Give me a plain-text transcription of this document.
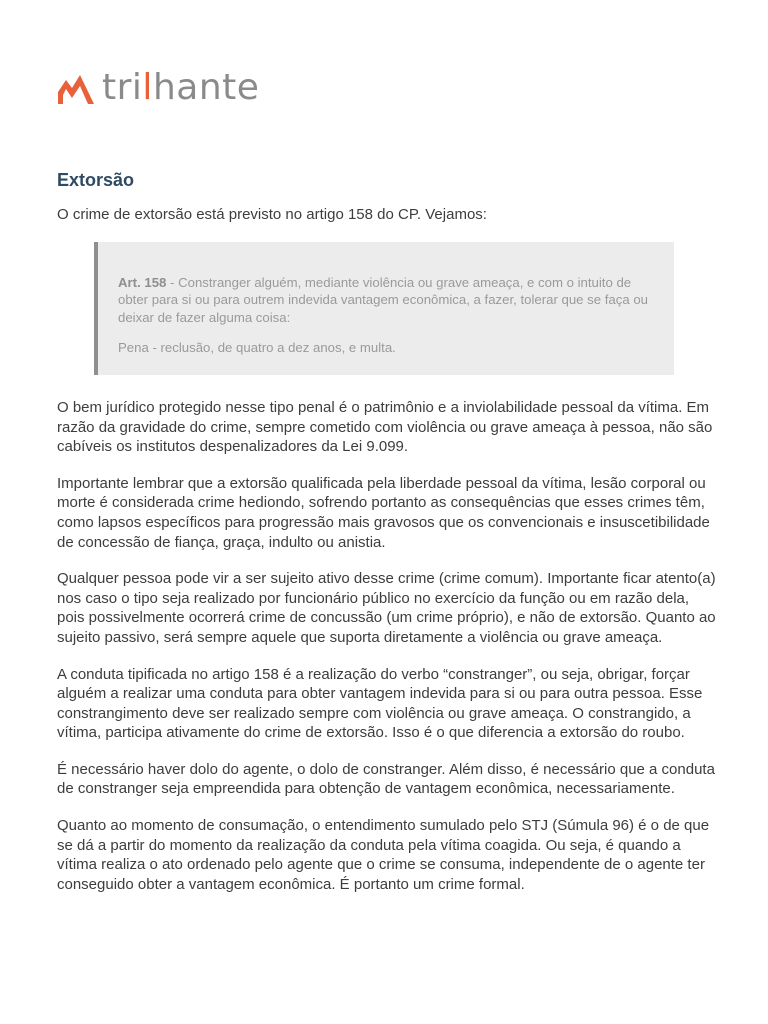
trilhante
Extorsão

O crime de extorsão está previsto no artigo 158 do CP. Vejamos:

Art. 158 - Constranger alguém, mediante violência ou grave ameaça, e com o intuito de obter para si ou para outrem indevida vantagem econômica, a fazer, tolerar que se faça ou deixar de fazer alguma coisa:

Pena - reclusão, de quatro a dez anos, e multa.

O bem jurídico protegido nesse tipo penal é o patrimônio e a inviolabilidade pessoal da vítima. Em razão da gravidade do crime, sempre cometido com violência ou grave ameaça à pessoa, não são cabíveis os institutos despenalizadores da Lei 9.099.

Importante lembrar que a extorsão qualificada pela liberdade pessoal da vítima, lesão corporal ou morte é considerada crime hediondo, sofrendo portanto as consequências que esses crimes têm, como lapsos específicos para progressão mais gravosos que os convencionais e insuscetibilidade de concessão de fiança, graça, indulto ou anistia.

Qualquer pessoa pode vir a ser sujeito ativo desse crime (crime comum). Importante ficar atento(a) nos caso o tipo seja realizado por funcionário público no exercício da função ou em razão dela, pois possivelmente ocorrerá crime de concussão (um crime próprio), e não de extorsão. Quanto ao sujeito passivo, será sempre aquele que suporta diretamente a violência ou grave ameaça.

A conduta tipificada no artigo 158 é a realização do verbo “constranger”, ou seja, obrigar, forçar alguém a realizar uma conduta para obter vantagem indevida para si ou para outra pessoa. Esse constrangimento deve ser realizado sempre com violência ou grave ameaça. O constrangido, a vítima, participa ativamente do crime de extorsão. Isso é o que diferencia a extorsão do roubo.

É necessário haver dolo do agente, o dolo de constranger. Além disso, é necessário que a conduta de constranger seja empreendida para obtenção de vantagem econômica, necessariamente.

Quanto ao momento de consumação, o entendimento sumulado pelo STJ (Súmula 96) é o de que se dá a partir do momento da realização da conduta pela vítima coagida. Ou seja, é quando a vítima realiza o ato ordenado pelo agente que o crime se consuma, independente de o agente ter conseguido obter a vantagem econômica. É portanto um crime formal.
